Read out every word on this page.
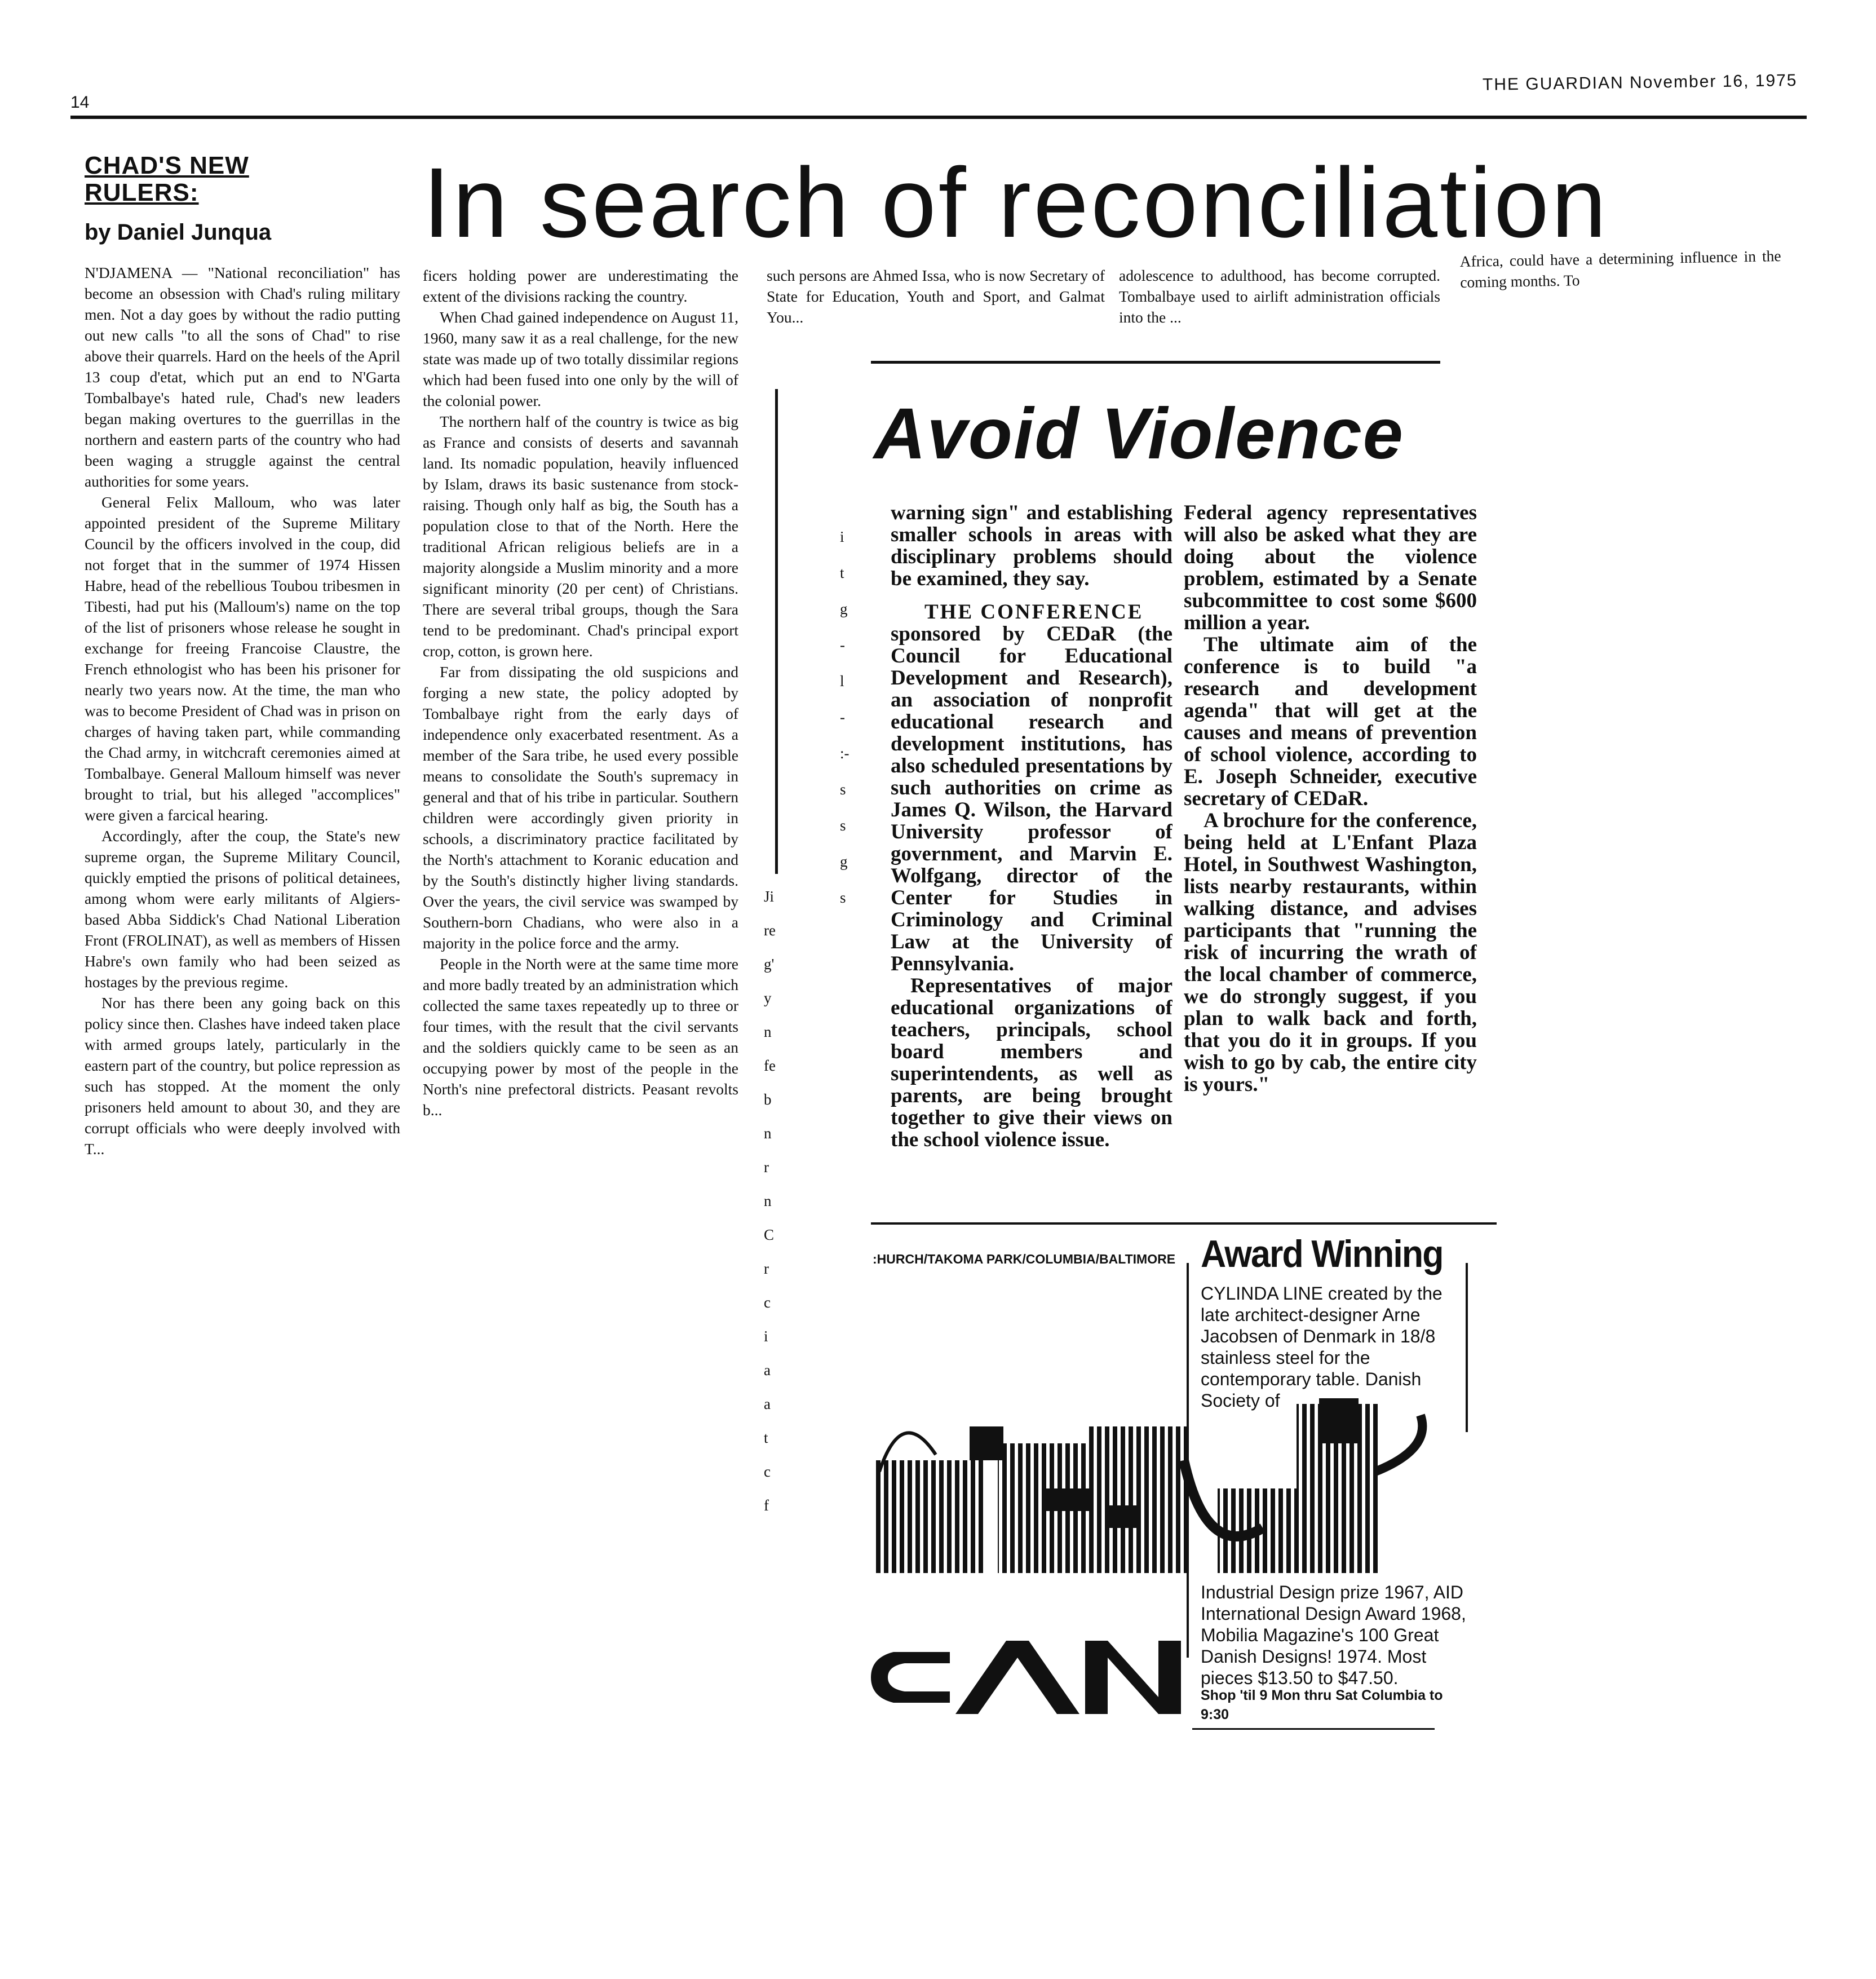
14
THE GUARDIAN November 16, 1975
CHAD'S NEW RULERS:
by Daniel Junqua In search of reconciliation

N'DJAMENA — "National reconciliation" has become an obsession with Chad's ruling military men. Not a day goes by without the radio putting out new calls "to all the sons of Chad" to rise above their quarrels. Hard on the heels of the April 13 coup d'etat, which put an end to N'Garta Tombalbaye's hated rule, Chad's new leaders began making overtures to the guerrillas in the northern and eastern parts of the country who had been waging a struggle against the central authorities for some years.

General Felix Malloum, who was later appointed president of the Supreme Military Council by the officers involved in the coup, did not forget that in the summer of 1974 Hissen Habre, head of the rebellious Toubou tribesmen in Tibesti, had put his (Malloum's) name on the top of the list of prisoners whose release he sought in exchange for freeing Francoise Claustre, the French ethnologist who has been his prisoner for nearly two years now. At the time, the man who was to become President of Chad was in prison on charges of having taken part, while commanding the Chad army, in witchcraft ceremonies aimed at Tombalbaye. General Malloum himself was never brought to trial, but his alleged "accomplices" were given a farcical hearing.

Accordingly, after the coup, the State's new supreme organ, the Supreme Military Council, quickly emptied the prisons of political detainees, among whom were early militants of Algiers-based Abba Siddick's Chad National Liberation Front (FROLINAT), as well as members of Hissen Habre's own family who had been seized as hostages by the previous regime.

Nor has there been any going back on this policy since then. Clashes have indeed taken place with armed groups lately, particularly in the eastern part of the country, but police repression as such has stopped. At the moment the only prisoners held amount to about 30, and they are corrupt officials who were deeply involved with T...

ficers holding power are underestimating the extent of the divisions racking the country.

When Chad gained independence on August 11, 1960, many saw it as a real challenge, for the new state was made up of two totally dissimilar regions which had been fused into one only by the will of the colonial power.

The northern half of the country is twice as big as France and consists of deserts and savannah land. Its nomadic population, heavily influenced by Islam, draws its basic sustenance from stock-raising. Though only half as big, the South has a population close to that of the North. Here the traditional African religious beliefs are in a majority alongside a Muslim minority and a more significant minority (20 per cent) of Christians. There are several tribal groups, though the Sara tend to be predominant. Chad's principal export crop, cotton, is grown here.

Far from dissipating the old suspicions and forging a new state, the policy adopted by Tombalbaye right from the early days of independence only exacerbated resentment. As a member of the Sara tribe, he used every possible means to consolidate the South's supremacy in general and that of his tribe in particular. Southern children were accordingly given priority in schools, a discriminatory practice facilitated by the North's attachment to Koranic education and by the South's distinctly higher living standards. Over the years, the civil service was swamped by Southern-born Chadians, who were also in a majority in the police force and the army.

People in the North were at the same time more and more badly treated by an administration which collected the same taxes repeatedly up to three or four times, with the result that the civil servants and the soldiers quickly came to be seen as an occupying power by most of the people in the North's nine prefectoral districts. Peasant revolts b...

such persons are Ahmed Issa, who is now Secretary of State for Education, Youth and Sport, and Galmat You...

adolescence to adulthood, has become corrupted. Tombalbaye used to airlift administration officials into the ...

Africa, could have a determining influence in the coming months. To

Ji
re
g'
y
n
fe
b
n
r
n
C
r
c
i
a
a
t
c
f
i
t
g
-
l
-
:-
s
s
g
s
Avoid Violence

warning sign" and establishing smaller schools in areas with disciplinary problems should be examined, they say.

THE CONFERENCE

sponsored by CEDaR (the Council for Educational Development and Research), an association of nonprofit educational research and development institutions, has also scheduled presentations by such authorities on crime as James Q. Wilson, the Harvard University professor of government, and Marvin E. Wolfgang, director of the Center for Studies in Criminology and Criminal Law at the University of Pennsylvania.

Representatives of major educational organizations of teachers, principals, school board members and superintendents, as well as parents, are being brought together to give their views on the school violence issue.

Federal agency representatives will also be asked what they are doing about the violence problem, estimated by a Senate subcommittee to cost some $600 million a year.

The ultimate aim of the conference is to build "a research and development agenda" that will get at the causes and means of prevention of school violence, according to E. Joseph Schneider, executive secretary of CEDaR.

A brochure for the conference, being held at L'Enfant Plaza Hotel, in Southwest Washington, lists nearby restaurants, within walking distance, and advises participants that "running the risk of incurring the wrath of the local chamber of commerce, we do strongly suggest, if you plan to walk back and forth, that you do it in groups. If you wish to go by cab, the entire city is yours."

:HURCH/TAKOMA PARK/COLUMBIA/BALTIMORE Award Winning
CYLINDA LINE created by the late architect-designer Arne Jacobsen of Denmark in 18/8 stainless steel for the contemporary table. Danish Society of
Industrial Design prize 1967, AID International Design Award 1968, Mobilia Magazine's 100 Great Danish Designs! 1974. Most pieces $13.50 to $47.50.
Shop 'til 9 Mon thru Sat Columbia to 9:30
